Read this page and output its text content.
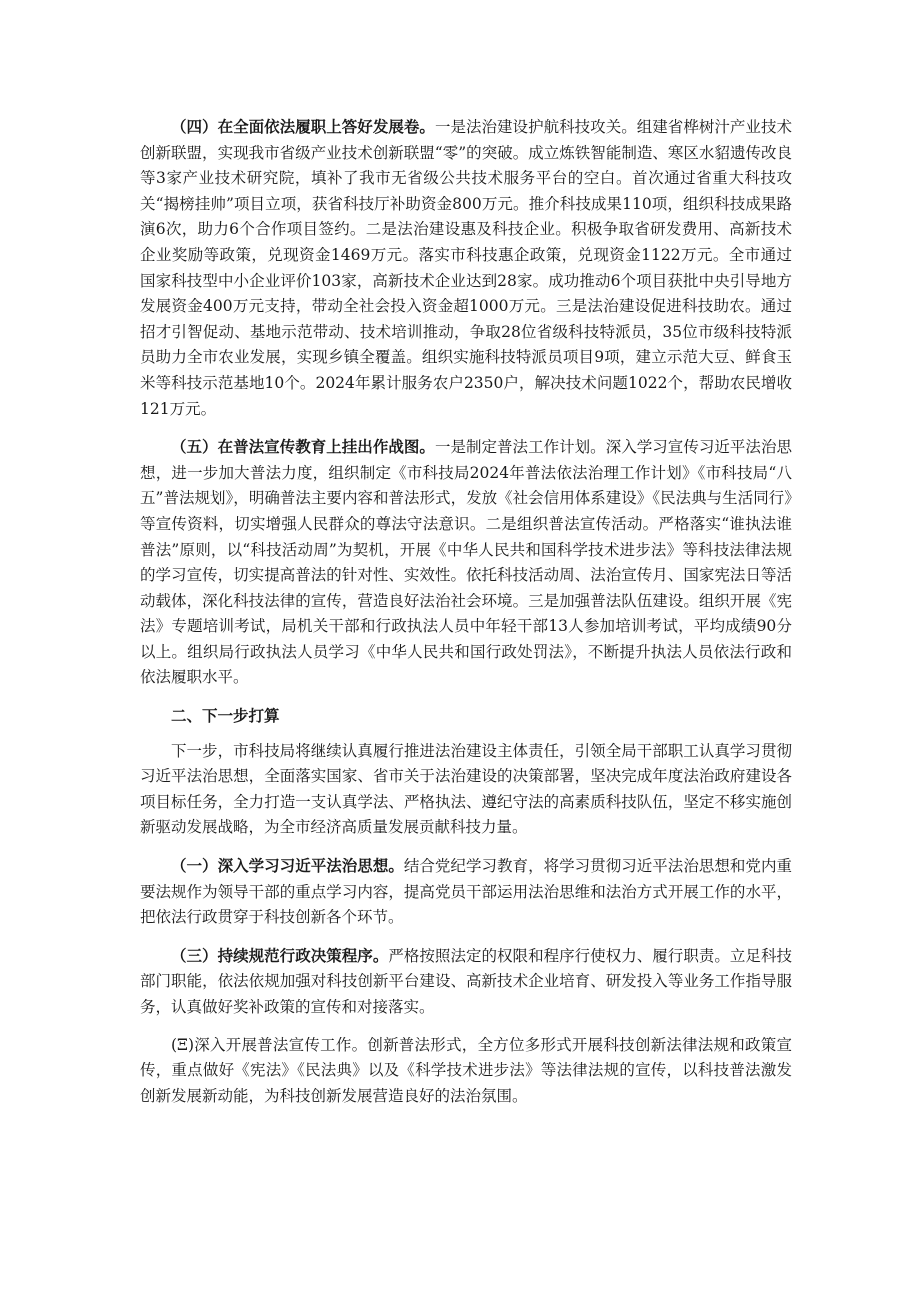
（四）在全面依法履职上答好发展卷。一是法治建设护航科技攻关。组建省桦树汁产业技术创新联盟，实现我市省级产业技术创新联盟“零”的突破。成立炼铁智能制造、寒区水貂遗传改良等3家产业技术研究院，填补了我市无省级公共技术服务平台的空白。首次通过省重大科技攻关“揭榜挂帅”项目立项，获省科技厅补助资金800万元。推介科技成果110项，组织科技成果路演6次，助力6个合作项目签约。二是法治建设惠及科技企业。积极争取省研发费用、高新技术企业奖励等政策，兑现资金1469万元。落实市科技惠企政策，兑现资金1122万元。全市通过国家科技型中小企业评价103家，高新技术企业达到28家。成功推动6个项目获批中央引导地方发展资金400万元支持，带动全社会投入资金超1000万元。三是法治建设促进科技助农。通过招才引智促动、基地示范带动、技术培训推动，争取28位省级科技特派员，35位市级科技特派员助力全市农业发展，实现乡镇全覆盖。组织实施科技特派员项目9项，建立示范大豆、鲜食玉米等科技示范基地10个。2024年累计服务农户2350户，解决技术问题1022个，帮助农民增收121万元。

（五）在普法宣传教育上挂出作战图。一是制定普法工作计划。深入学习宣传习近平法治思想，进一步加大普法力度，组织制定《市科技局2024年普法依法治理工作计划》《市科技局“八五”普法规划》，明确普法主要内容和普法形式，发放《社会信用体系建设》《民法典与生活同行》等宣传资料，切实增强人民群众的尊法守法意识。二是组织普法宣传活动。严格落实“谁执法谁普法”原则，以“科技活动周”为契机，开展《中华人民共和国科学技术进步法》等科技法律法规的学习宣传，切实提高普法的针对性、实效性。依托科技活动周、法治宣传月、国家宪法日等活动载体，深化科技法律的宣传，营造良好法治社会环境。三是加强普法队伍建设。组织开展《宪法》专题培训考试，局机关干部和行政执法人员中年轻干部13人参加培训考试，平均成绩90分以上。组织局行政执法人员学习《中华人民共和国行政处罚法》，不断提升执法人员依法行政和依法履职水平。

二、下一步打算

下一步，市科技局将继续认真履行推进法治建设主体责任，引领全局干部职工认真学习贯彻习近平法治思想，全面落实国家、省市关于法治建设的决策部署，坚决完成年度法治政府建设各项目标任务，全力打造一支认真学法、严格执法、遵纪守法的高素质科技队伍，坚定不移实施创新驱动发展战略，为全市经济高质量发展贡献科技力量。

（一）深入学习习近平法治思想。结合党纪学习教育，将学习贯彻习近平法治思想和党内重要法规作为领导干部的重点学习内容，提高党员干部运用法治思维和法治方式开展工作的水平，把依法行政贯穿于科技创新各个环节。

（三）持续规范行政决策程序。严格按照法定的权限和程序行使权力、履行职责。立足科技部门职能，依法依规加强对科技创新平台建设、高新技术企业培育、研发投入等业务工作指导服务，认真做好奖补政策的宣传和对接落实。

(Ξ)深入开展普法宣传工作。创新普法形式，全方位多形式开展科技创新法律法规和政策宣传，重点做好《宪法》《民法典》以及《科学技术进步法》等法律法规的宣传，以科技普法激发创新发展新动能，为科技创新发展营造良好的法治氛围。
